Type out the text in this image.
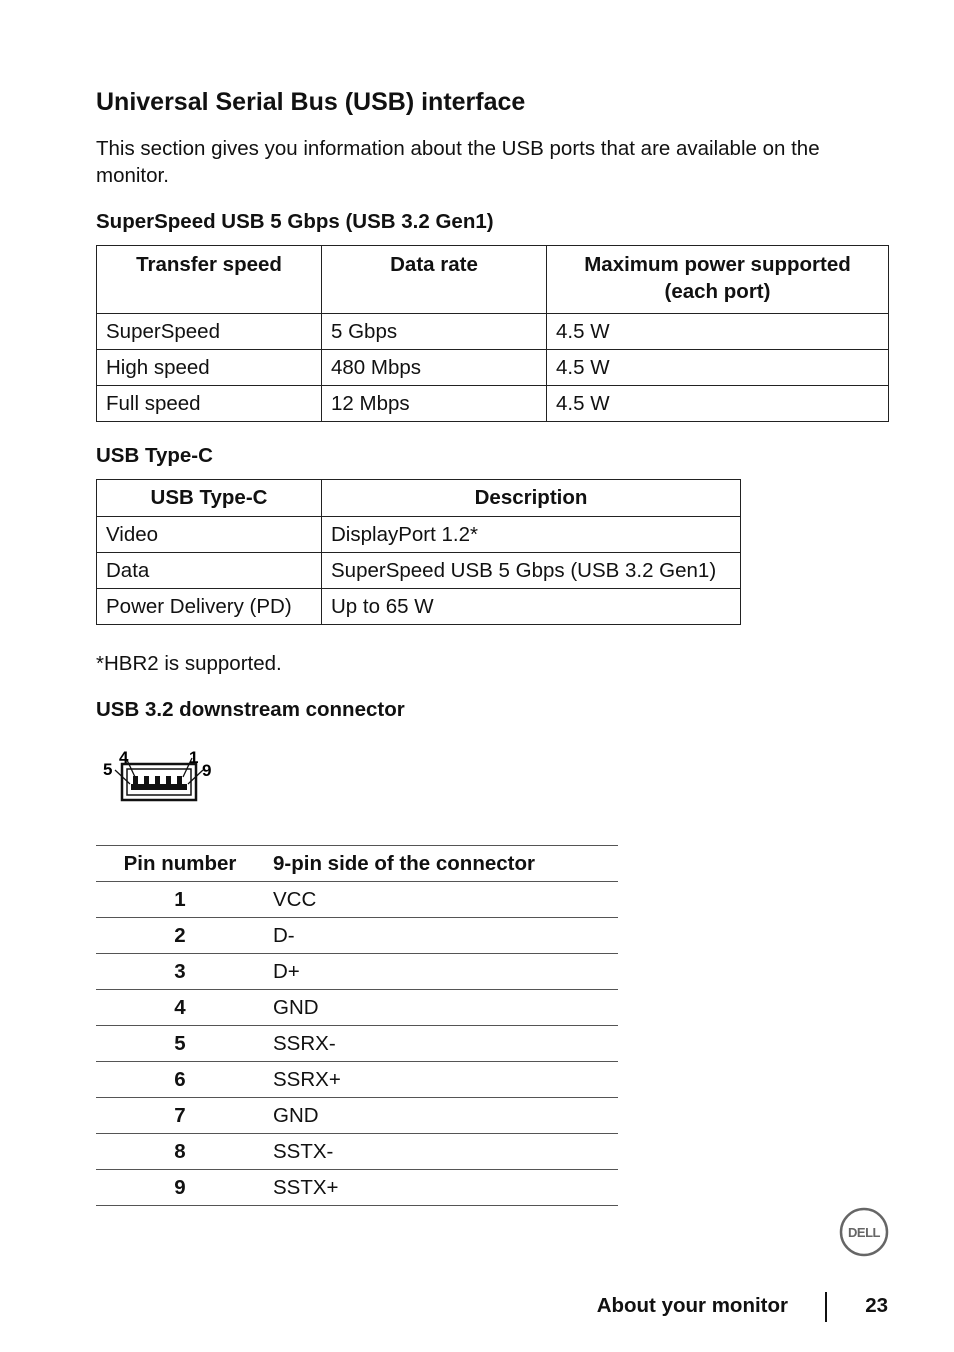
Universal Serial Bus (USB) interface

This section gives you information about the USB ports that are available on the monitor.

SuperSpeed USB 5 Gbps (USB 3.2 Gen1)
Transfer speed	Data rate	Maximum power supported (each port)
SuperSpeed	5 Gbps	4.5 W
High speed	480 Mbps	4.5 W
Full speed	12 Mbps	4.5 W
USB Type-C
USB Type-C	Description
Video	DisplayPort 1.2*
Data	SuperSpeed USB 5 Gbps (USB 3.2 Gen1)
Power Delivery (PD)	Up to 65 W

*HBR2 is supported.

USB 3.2 downstream connector
5
4	1
9
Pin number	9-pin side of the connector
1	VCC
2	D-
3	D+
4	GND
5	SSRX-
6	SSRX+
7	GND
8	SSTX-
9	SSTX+
DELL
About your monitor	23
